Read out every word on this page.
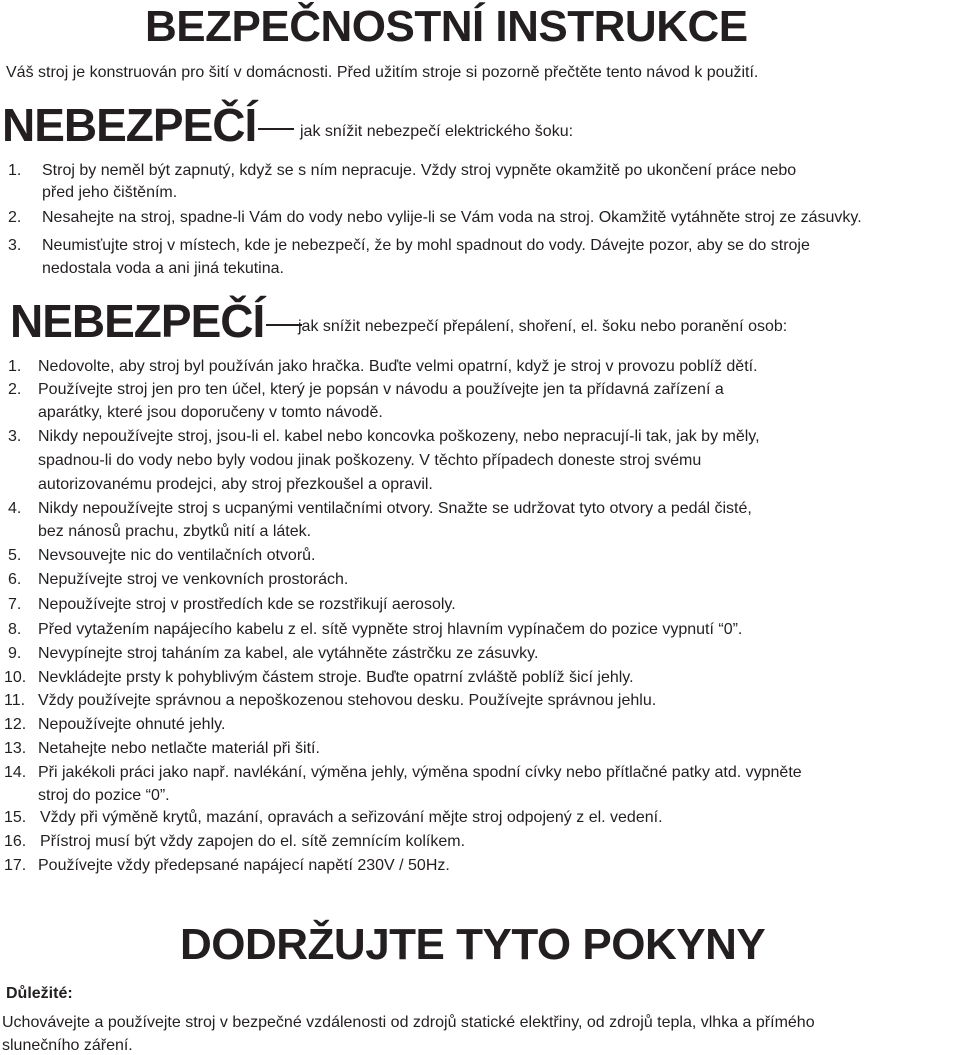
BEZPEČNOSTNÍ INSTRUKCE
Váš stroj je konstruován pro šití v domácnosti. Před užitím stroje si pozorně přečtěte tento návod k použití.
NEBEZPEČÍ	jak snížit nebezpečí elektrického šoku:
1. Stroj by neměl být zapnutý, když se s ním nepracuje. Vždy stroj vypněte okamžitě po ukončení práce nebo
před jeho čištěním.
2. Nesahejte na stroj, spadne-li Vám do vody nebo vylije-li se Vám voda na stroj. Okamžitě vytáhněte stroj ze zásuvky.
3. Neumisťujte stroj v místech, kde je nebezpečí, že by mohl spadnout do vody. Dávejte pozor, aby se do stroje
nedostala voda a ani jiná tekutina.
NEBEZPEČÍ	jak snížit nebezpečí přepálení, shoření, el. šoku nebo poranění osob:
1. Nedovolte, aby stroj byl používán jako hračka. Buďte velmi opatrní, když je stroj v provozu poblíž dětí.
2. Používejte stroj jen pro ten účel, který je popsán v návodu a používejte jen ta přídavná zařízení a
aparátky, které jsou doporučeny v tomto návodě.
3. Nikdy nepoužívejte stroj, jsou-li el. kabel nebo koncovka poškozeny, nebo nepracují-li tak, jak by měly,
spadnou-li do vody nebo byly vodou jinak poškozeny. V těchto případech doneste stroj svému
autorizovanému prodejci, aby stroj přezkoušel a opravil.
4. Nikdy nepoužívejte stroj s ucpanými ventilačními otvory. Snažte se udržovat tyto otvory a pedál čisté,
bez nánosů prachu, zbytků nití a látek.
5. Nevsouvejte nic do ventilačních otvorů.
6. Nepužívejte stroj ve venkovních prostorách.
7. Nepoužívejte stroj v prostředích kde se rozstřikují aerosoly.
8. Před vytažením napájecího kabelu z el. sítě vypněte stroj hlavním vypínačem do pozice vypnutí “0”.
9. Nevypínejte stroj taháním za kabel, ale vytáhněte zástrčku ze zásuvky.
10. Nevkládejte prsty k pohyblivým částem stroje. Buďte opatrní zvláště poblíž šicí jehly.
11. Vždy používejte správnou a nepoškozenou stehovou desku. Používejte správnou jehlu.
12. Nepoužívejte ohnuté jehly.
13. Netahejte nebo netlačte materiál při šití.
14. Při jakékoli práci jako např. navlékání, výměna jehly, výměna spodní cívky nebo přítlačné patky atd. vypněte
stroj do pozice “0”.
15. Vždy při výměně krytů, mazání, opravách a seřizování mějte stroj odpojený z el. vedení.
16. Přístroj musí být vždy zapojen do el. sítě zemnícím kolíkem.
17. Používejte vždy předepsané napájecí napětí 230V / 50Hz.
DODRŽUJTE TYTO POKYNY
Důležité:
Uchovávejte a používejte stroj v bezpečné vzdálenosti od zdrojů statické elektřiny, od zdrojů tepla, vlhka a přímého
slunečního záření.
